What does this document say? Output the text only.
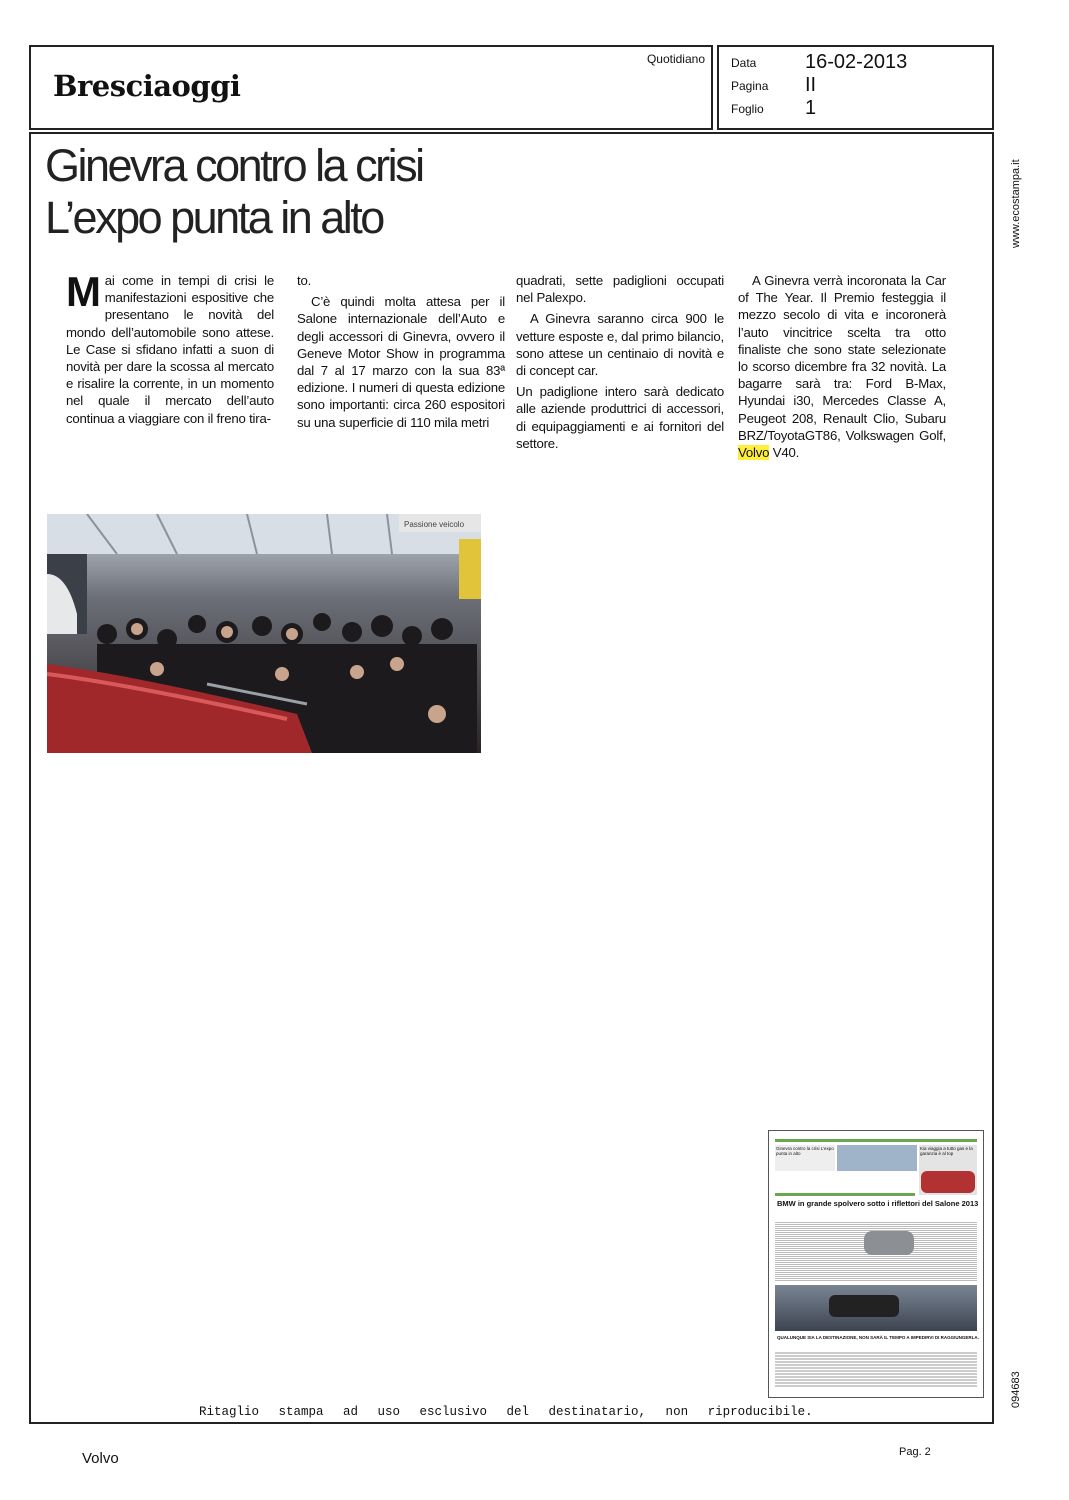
Bresciaoggi
Quotidiano Data 16-02-2013
Pagina II
Foglio 1
Ginevra contro la crisi
L’expo punta in alto

M ai come in tempi di crisi le manifestazioni espositive che presentano le novità del mondo dell’automobile sono attese. Le Case si sfidano infatti a suon di novità per dare la scossa al mercato e risalire la corrente, in un momento nel quale il mercato dell’auto continua a viaggiare con il freno tira-

to.

C’è quindi molta attesa per il Salone internazionale dell’Auto e degli accessori di Ginevra, ovvero il Geneve Motor Show in programma dal 7 al 17 marzo con la sua 83ª edizione. I numeri di questa edizione sono importanti: circa 260 espositori su una superficie di 110 mila metri

quadrati, sette padiglioni occupati nel Palexpo.

A Ginevra saranno circa 900 le vetture esposte e, dal primo bilancio, sono attese un centinaio di novità e di concept car.

Un padiglione intero sarà dedicato alle aziende produttrici di accessori, di equipaggiamenti e ai fornitori del settore.

A Ginevra verrà incoronata la Car of The Year. Il Premio festeggia il mezzo secolo di vita e incoronerà l’auto vincitrice scelta tra otto finaliste che sono state selezionate lo scorso dicembre fra 32 novità. La bagarre sarà tra: Ford B-Max, Hyundai i30, Mercedes Classe A, Peugeot 208, Renault Clio, Subaru BRZ/ToyotaGT86, Volkswagen Golf, Volvo V40.

Passione veicolo
Ginevra contro la crisi L’expo punta in alto
Kia viaggia a tutto gas e la garanzia è al top
BMW in grande spolvero sotto i riflettori del Salone 2013
QUALUNQUE SIA LA DESTINAZIONE, NON SARÀ IL TEMPO A IMPEDIRVI DI RAGGIUNGERLA.
www.ecostampa.it
094683
Ritaglio stampa ad uso esclusivo del destinatario, non riproducibile.
Volvo	Pag. 2
